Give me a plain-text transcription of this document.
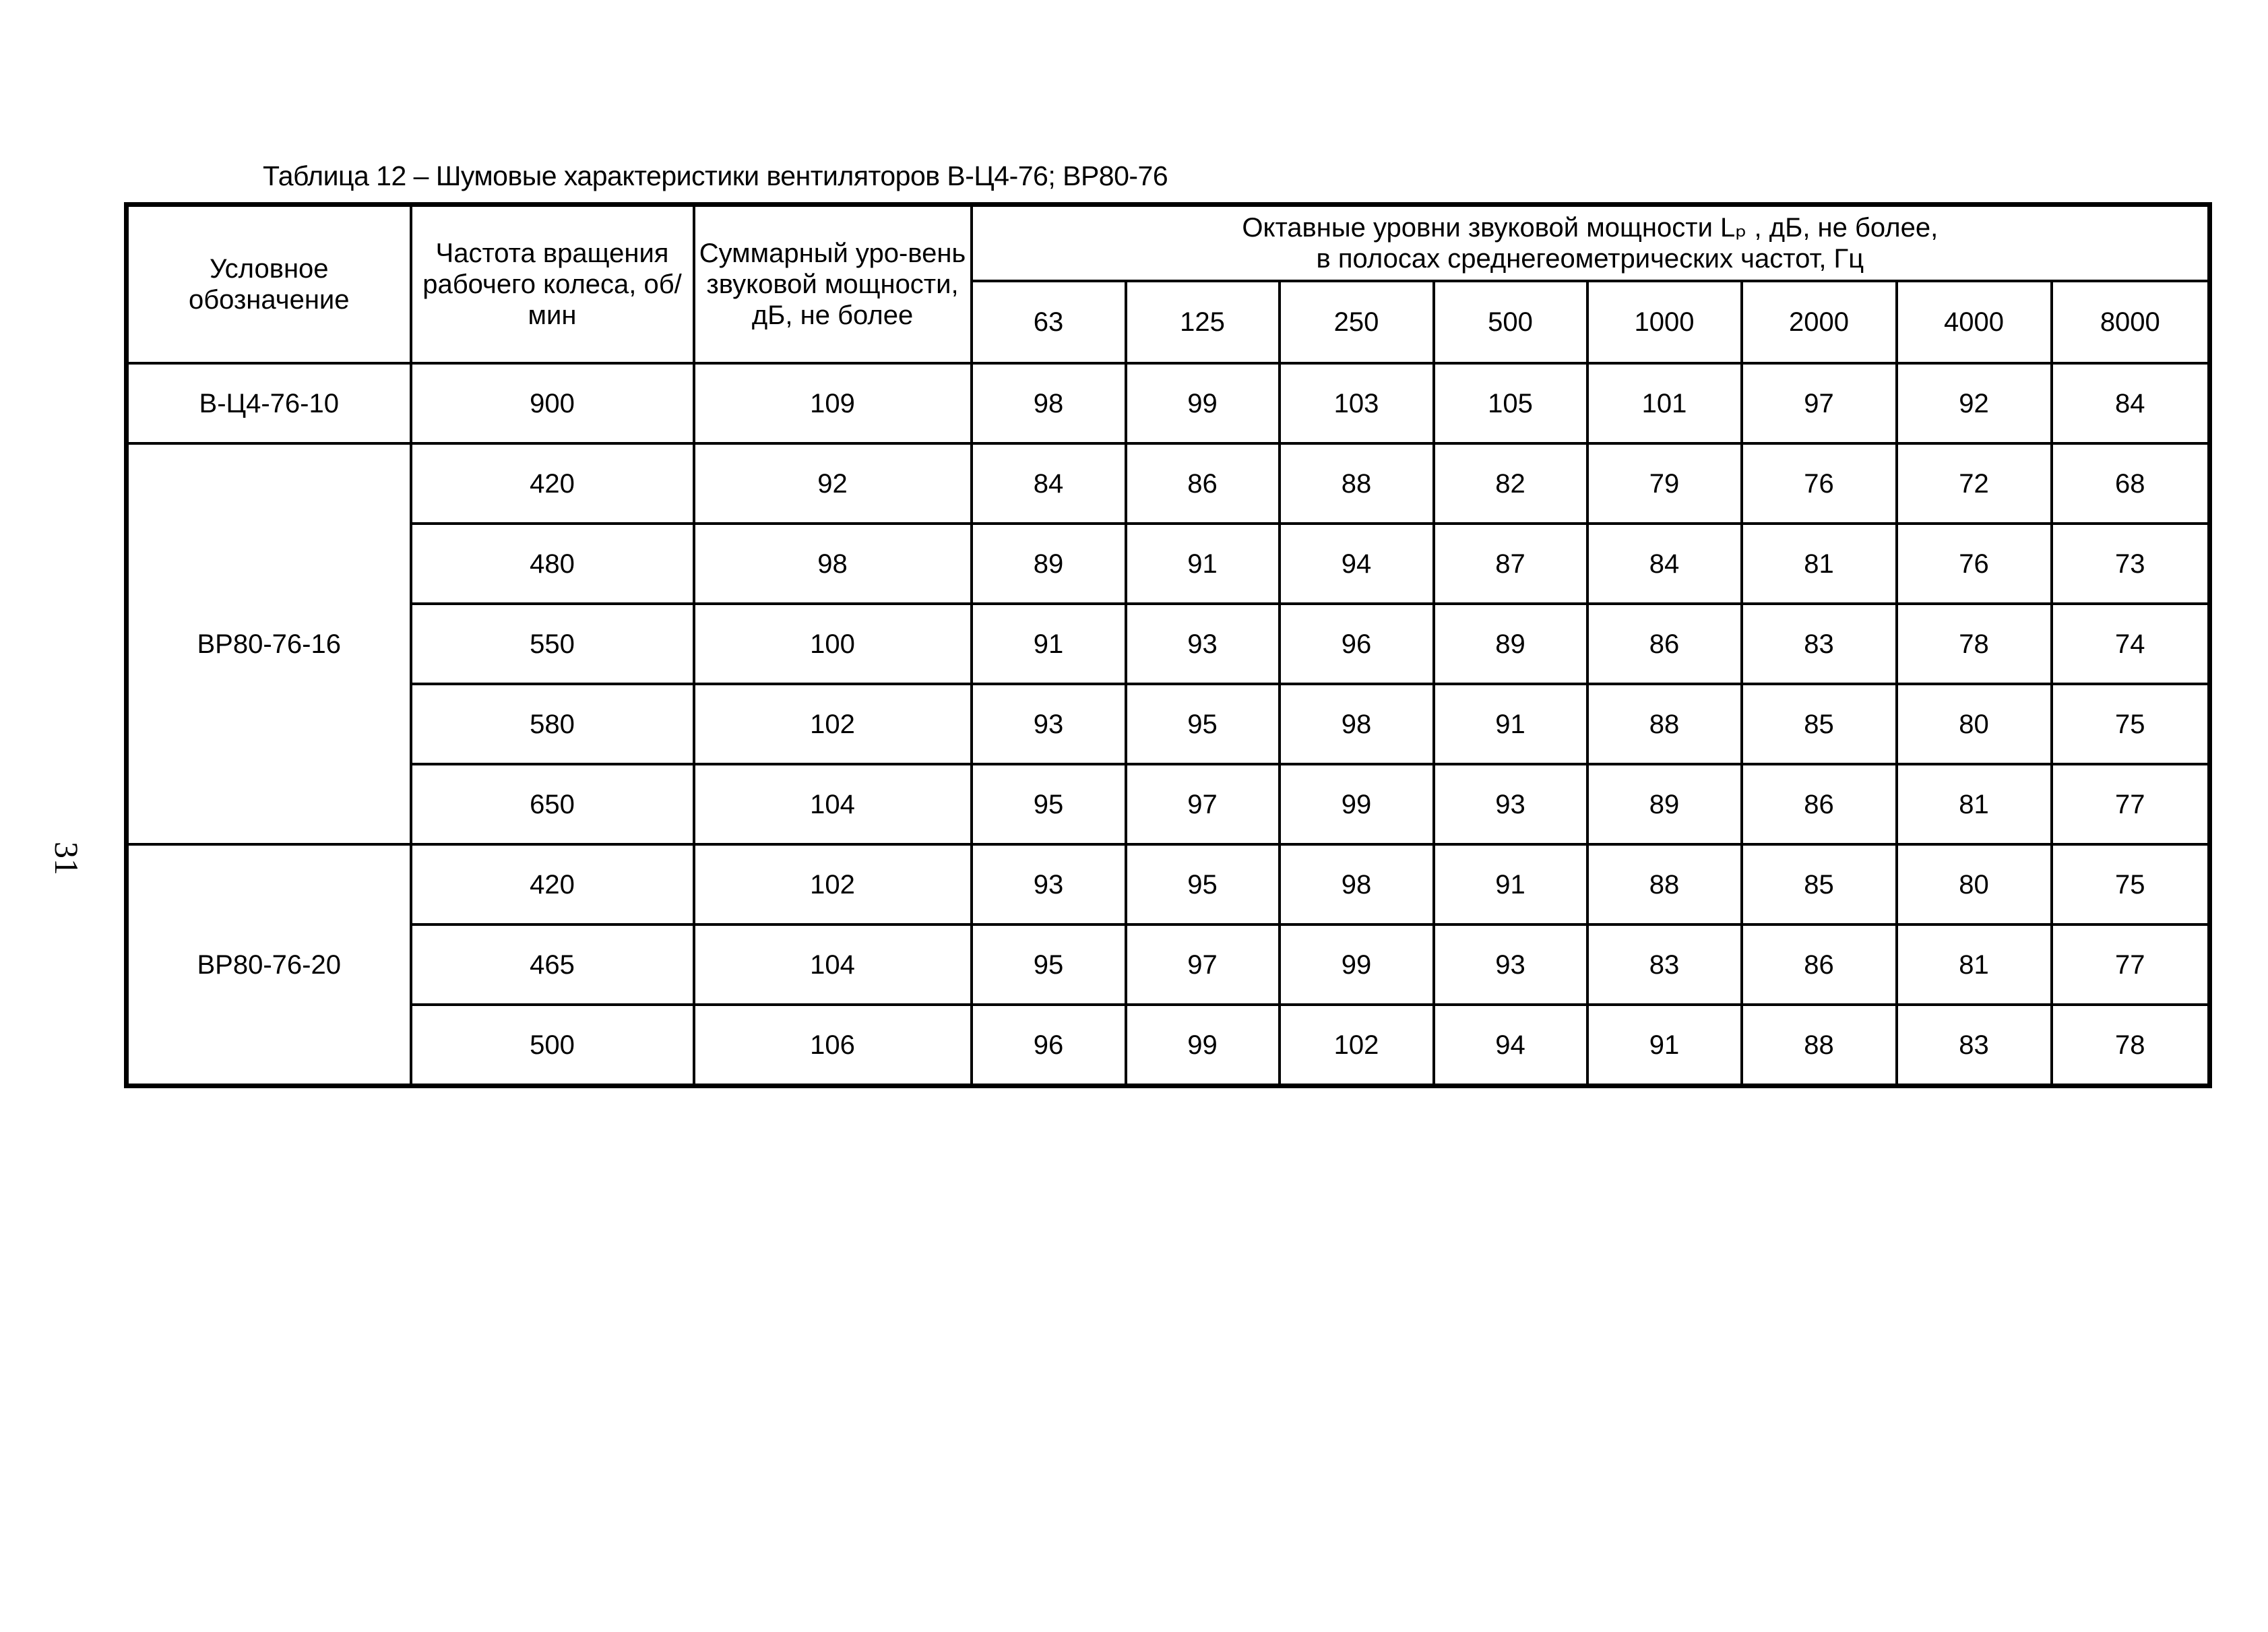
Таблица 12 – Шумовые характеристики вентиляторов В-Ц4-76; ВР80-76
31
Условное обозначение	Частота вращения рабочего колеса, об/мин	Суммарный уро-вень звуковой мощности, дБ, не более	Октавные уровни звуковой мощности Lₚ , дБ, не более,
в полосах среднегеометрических частот, Гц							
			63	125	250	500	1000	2000	4000	8000
В-Ц4-76-10	900	109	98	99	103	105	101	97	92	84
ВР80-76-16	420	92	84	86	88	82	79	76	72	68
	480	98	89	91	94	87	84	81	76	73
	550	100	91	93	96	89	86	83	78	74
	580	102	93	95	98	91	88	85	80	75
	650	104	95	97	99	93	89	86	81	77
ВР80-76-20	420	102	93	95	98	91	88	85	80	75
	465	104	95	97	99	93	83	86	81	77
	500	106	96	99	102	94	91	88	83	78
